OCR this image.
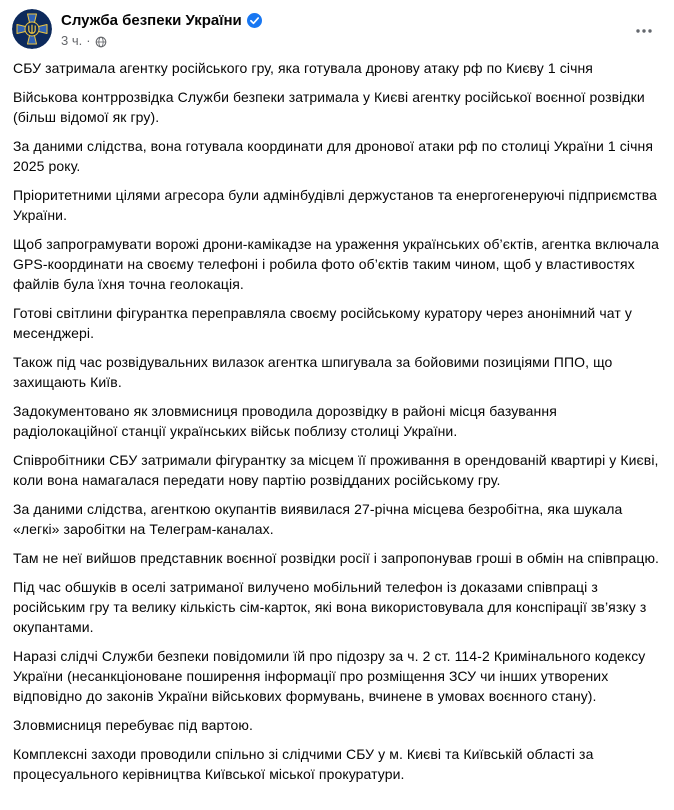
Служба безпеки України
3 ч. ·

СБУ затримала агентку російського гру, яка готувала дронову атаку рф по Києву 1 січня

Військова контррозвідка Служби безпеки затримала у Києві агентку російської воєнної розвідки (більш відомої як гру).

За даними слідства, вона готувала координати для дронової атаки рф по столиці України 1 січня 2025 року.

Пріоритетними цілями агресора були адмінбудівлі держустанов та енергогенеруючі підприємства України.

Щоб запрограмувати ворожі дрони-камікадзе на ураження українських об’єктів, агентка включала GPS-координати на своєму телефоні і робила фото об’єктів таким чином, щоб у властивостях файлів була їхня точна геолокація.

Готові світлини фігурантка переправляла своєму російському куратору через анонімний чат у месенджері.

Також під час розвідувальних вилазок агентка шпигувала за бойовими позиціями ППО, що захищають Київ.

Задокументовано як зловмисниця проводила дорозвідку в районі місця базування радіолокаційної станції українських військ поблизу столиці України.

Співробітники СБУ затримали фігурантку за місцем її проживання в орендованій квартирі у Києві, коли вона намагалася передати нову партію розвідданих російському гру.

За даними слідства, агенткою окупантів виявилася 27-річна місцева безробітна, яка шукала «легкі» заробітки на Телеграм-каналах.

Там не неї вийшов представник воєнної розвідки росії і запропонував гроші в обмін на співпрацю.

Під час обшуків в оселі затриманої вилучено мобільний телефон із доказами співпраці з російським гру та велику кількість сім-карток, які вона використовувала для конспірації зв’язку з окупантами.

Наразі слідчі Служби безпеки повідомили їй про підозру за ч. 2 ст. 114-2 Кримінального кодексу України (несанкціоноване поширення інформації про розміщення ЗСУ чи інших утворених відповідно до законів України військових формувань, вчинене в умовах воєнного стану).

Зловмисниця перебуває під вартою.

Комплексні заходи проводили спільно зі слідчими СБУ у м. Києві та Київській області за процесуального керівництва Київської міської прокуратури.
